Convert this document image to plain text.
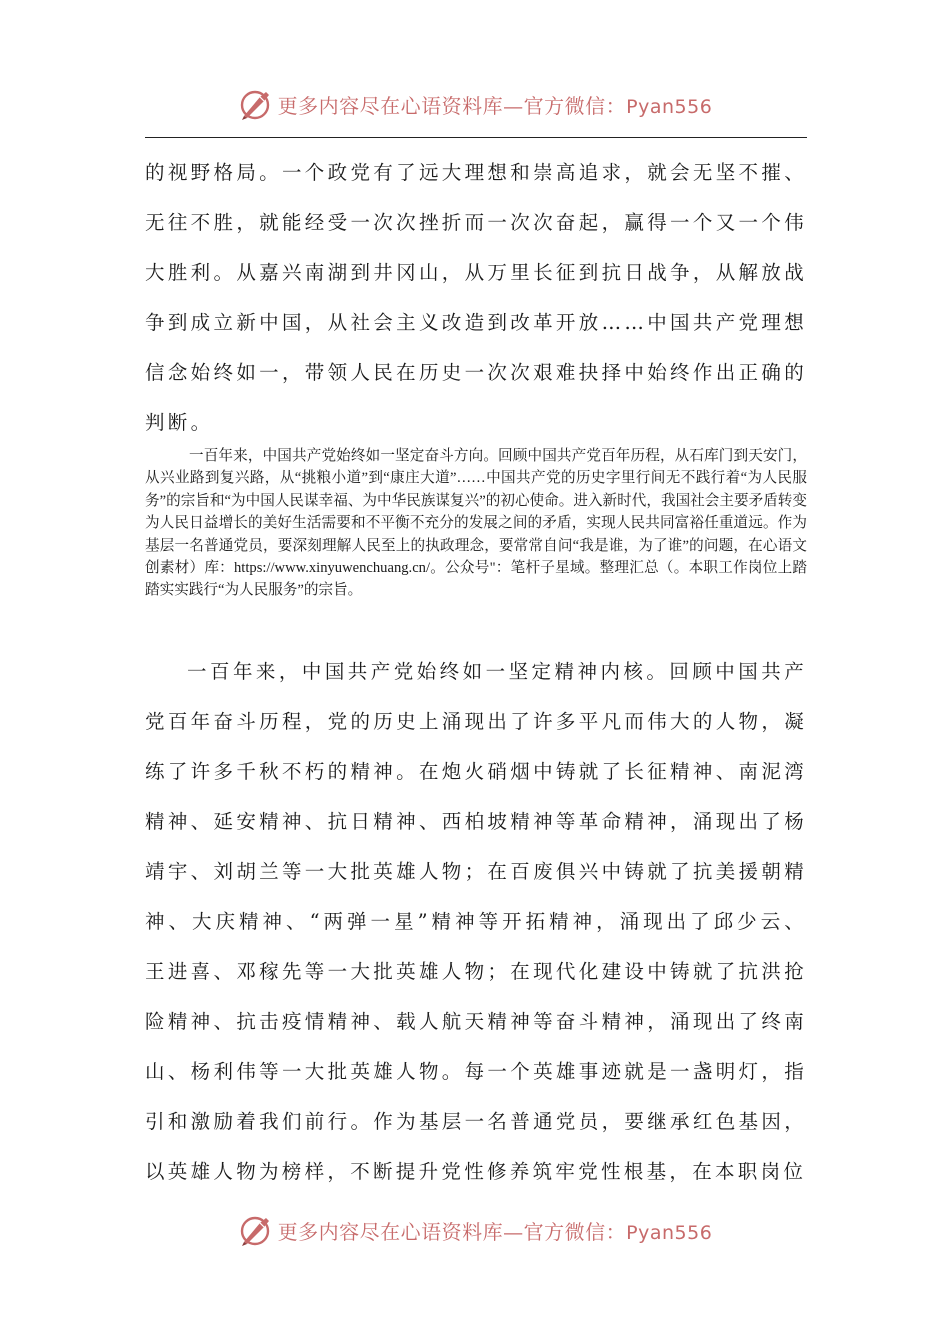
更多内容尽在心语资料库—官方微信：Pyan556

的视野格局。一个政党有了远大理想和崇高追求，就会无坚不摧、无往不胜，就能经受一次次挫折而一次次奋起，赢得一个又一个伟大胜利。从嘉兴南湖到井冈山，从万里长征到抗日战争，从解放战争到成立新中国，从社会主义改造到改革开放……中国共产党理想信念始终如一，带领人民在历史一次次艰难抉择中始终作出正确的判断。

一百年来，中国共产党始终如一坚定奋斗方向。回顾中国共产党百年历程，从石库门到天安门，从兴业路到复兴路，从“挑粮小道”到“康庄大道”……中国共产党的历史字里行间无不践行着“为人民服务”的宗旨和“为中国人民谋幸福、为中华民族谋复兴”的初心使命。进入新时代，我国社会主要矛盾转变为人民日益增长的美好生活需要和不平衡不充分的发展之间的矛盾，实现人民共同富裕任重道远。作为基层一名普通党员，要深刻理解人民至上的执政理念，要常常自问“我是谁，为了谁”的问题，在心语文创素材）库：https://www.xinyuwenchuang.cn/。公众号"：笔杆子星域。整理汇总（。本职工作岗位上踏踏实实践行“为人民服务”的宗旨。

一百年来，中国共产党始终如一坚定精神内核。回顾中国共产党百年奋斗历程，党的历史上涌现出了许多平凡而伟大的人物，凝练了许多千秋不朽的精神。在炮火硝烟中铸就了长征精神、南泥湾精神、延安精神、抗日精神、西柏坡精神等革命精神，涌现出了杨靖宇、刘胡兰等一大批英雄人物；在百废俱兴中铸就了抗美援朝精神、大庆精神、“两弹一星”精神等开拓精神，涌现出了邱少云、王进喜、邓稼先等一大批英雄人物；在现代化建设中铸就了抗洪抢险精神、抗击疫情精神、载人航天精神等奋斗精神，涌现出了终南山、杨利伟等一大批英雄人物。每一个英雄事迹就是一盏明灯，指引和激励着我们前行。作为基层一名普通党员，要继承红色基因，以英雄人物为榜样，不断提升党性修养筑牢党性根基，在本职岗位

更多内容尽在心语资料库—官方微信：Pyan556
